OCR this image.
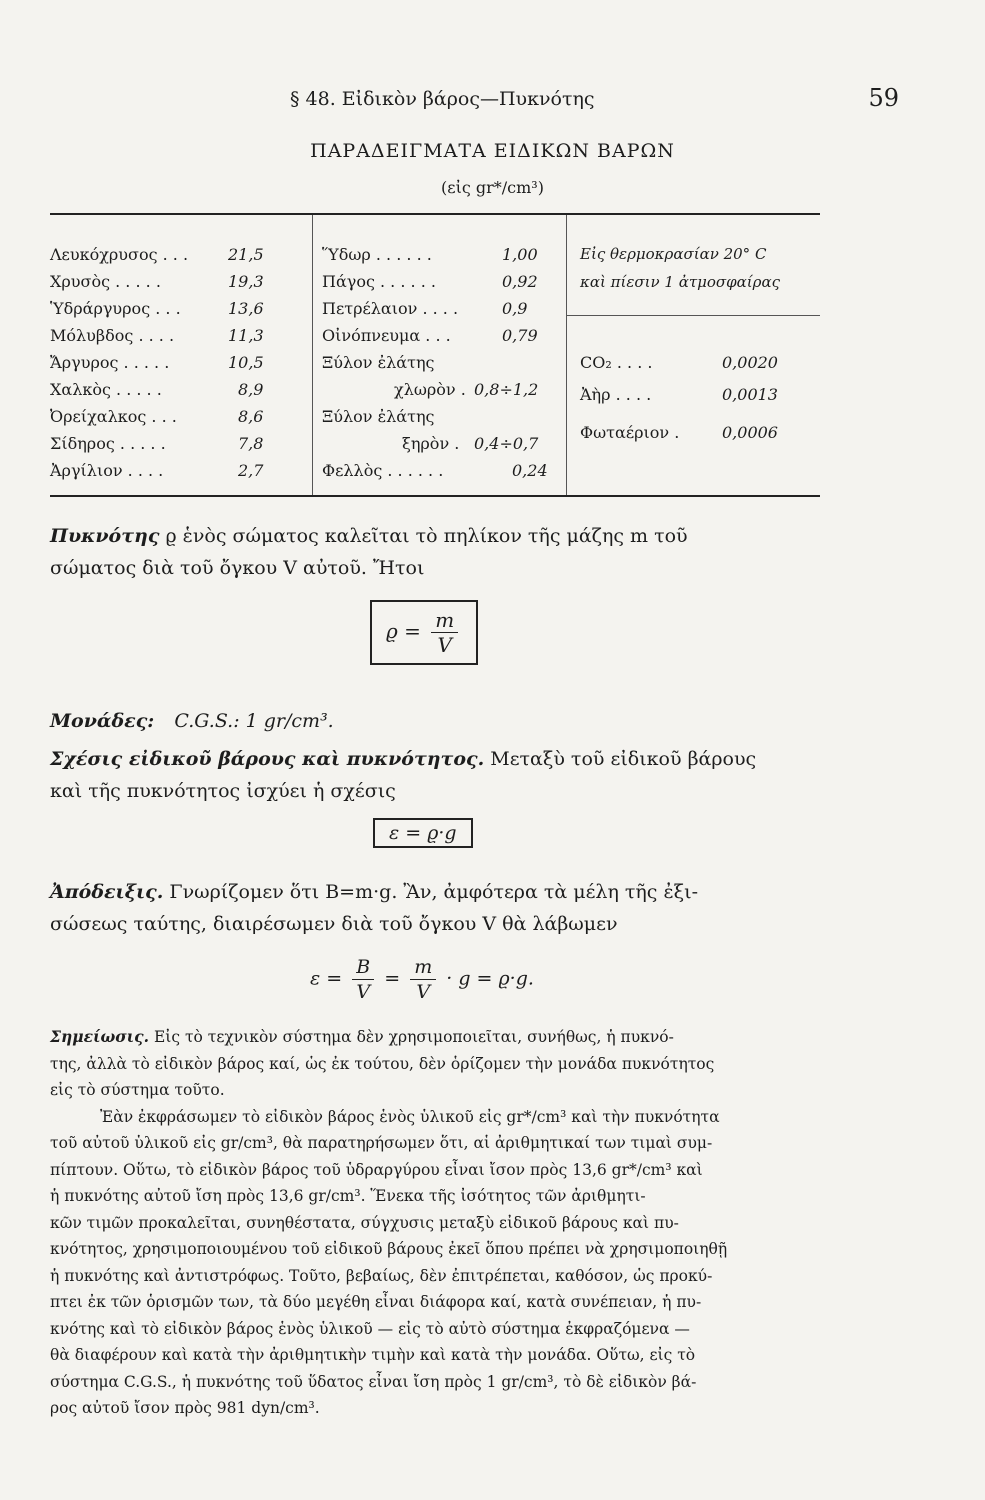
§ 48. Εἰδικὸν βάρος—Πυκνότης	59
ΠΑΡΑΔΕΙΓΜΑΤΑ ΕΙΔΙΚΩΝ ΒΑΡΩΝ
(εἰς gr*/cm³)
Λευκόχρυσος . . . 21,5
Χρυσὸς . . . . .	19,3
Ὑδράργυρος . . .	13,6
Μόλυβδος . . . .	11,3
Ἄργυρος . . . . .	10,5
Χαλκὸς . . . . .	8,9
Ὀρείχαλκος . . .	8,6
Σίδηρος . . . . .	7,8
Ἀργίλιον . . . .	2,7
Ὕδωρ . . . . . .	1,00
Πάγος . . . . . .	0,92
Πετρέλαιον . . . .	0,9
Οἰνόπνευμα . . .	0,79
Ξύλον ἐλάτης
χλωρὸν . 0,8÷1,2
Ξύλον ἐλάτης
ξηρὸν . 0,4÷0,7
Φελλὸς . . . . . .	0,24
Εἰς θερμοκρασίαν 20° C
καὶ πίεσιν 1 ἀτμοσφαίρας
CO₂ . . . .	0,0020
Ἀὴρ . . . .	0,0013
Φωταέριον .	0,0006
Πυκνότης ϱ ἑνὸς σώματος καλεῖται τὸ πηλίκον τῆς μάζης m τοῦ
σώματος διὰ τοῦ ὄγκου V αὐτοῦ. Ἤτοι
$ϱ = \frac{m}{V}$
Μονάδες: C.G.S.: 1 gr/cm³.
Σχέσις εἰδικοῦ βάρους καὶ πυκνότητος. Μεταξὺ τοῦ εἰδικοῦ βάρους
καὶ τῆς πυκνότητος ἰσχύει ἡ σχέσις
ε = ϱ·g
Ἀπόδειξις. Γνωρίζομεν ὅτι B=m·g. Ἂν, ἀμφότερα τὰ μέλη τῆς ἐξι-
σώσεως ταύτης, διαιρέσωμεν διὰ τοῦ ὄγκου V θὰ λάβωμεν
$\varepsilon = \frac{B}{V} = \frac{m}{V} \cdot g = ϱ\cdot g$.
Σημείωσις. Εἰς τὸ τεχνικὸν σύστημα δὲν χρησιμοποιεῖται, συνήθως, ἡ πυκνό-
της, ἀλλὰ τὸ εἰδικὸν βάρος καί, ὡς ἐκ τούτου, δὲν ὁρίζομεν τὴν μονάδα πυκνότητος
εἰς τὸ σύστημα τοῦτο.
Ἐὰν ἐκφράσωμεν τὸ εἰδικὸν βάρος ἑνὸς ὑλικοῦ εἰς gr*/cm³ καὶ τὴν πυκνότητα
τοῦ αὐτοῦ ὑλικοῦ εἰς gr/cm³, θὰ παρατηρήσωμεν ὅτι, αἱ ἀριθμητικαί των τιμαὶ συμ-
πίπτουν. Οὕτω, τὸ εἰδικὸν βάρος τοῦ ὑδραργύρου εἶναι ἴσον πρὸς 13,6 gr*/cm³ καὶ
ἡ πυκνότης αὐτοῦ ἴση πρὸς 13,6 gr/cm³. Ἕνεκα τῆς ἰσότητος τῶν ἀριθμητι-
κῶν τιμῶν προκαλεῖται, συνηθέστατα, σύγχυσις μεταξὺ εἰδικοῦ βάρους καὶ πυ-
κνότητος, χρησιμοποιουμένου τοῦ εἰδικοῦ βάρους ἐκεῖ ὅπου πρέπει νὰ χρησιμοποιηθῇ
ἡ πυκνότης καὶ ἀντιστρόφως. Τοῦτο, βεβαίως, δὲν ἐπιτρέπεται, καθόσον, ὡς προκύ-
πτει ἐκ τῶν ὁρισμῶν των, τὰ δύο μεγέθη εἶναι διάφορα καί, κατὰ συνέπειαν, ἡ πυ-
κνότης καὶ τὸ εἰδικὸν βάρος ἑνὸς ὑλικοῦ — εἰς τὸ αὐτὸ σύστημα ἐκφραζόμενα —
θὰ διαφέρουν καὶ κατὰ τὴν ἀριθμητικὴν τιμὴν καὶ κατὰ τὴν μονάδα. Οὕτω, εἰς τὸ
σύστημα C.G.S., ἡ πυκνότης τοῦ ὕδατος εἶναι ἴση πρὸς 1 gr/cm³, τὸ δὲ εἰδικὸν βά-
ρος αὐτοῦ ἴσον πρὸς 981 dyn/cm³.
